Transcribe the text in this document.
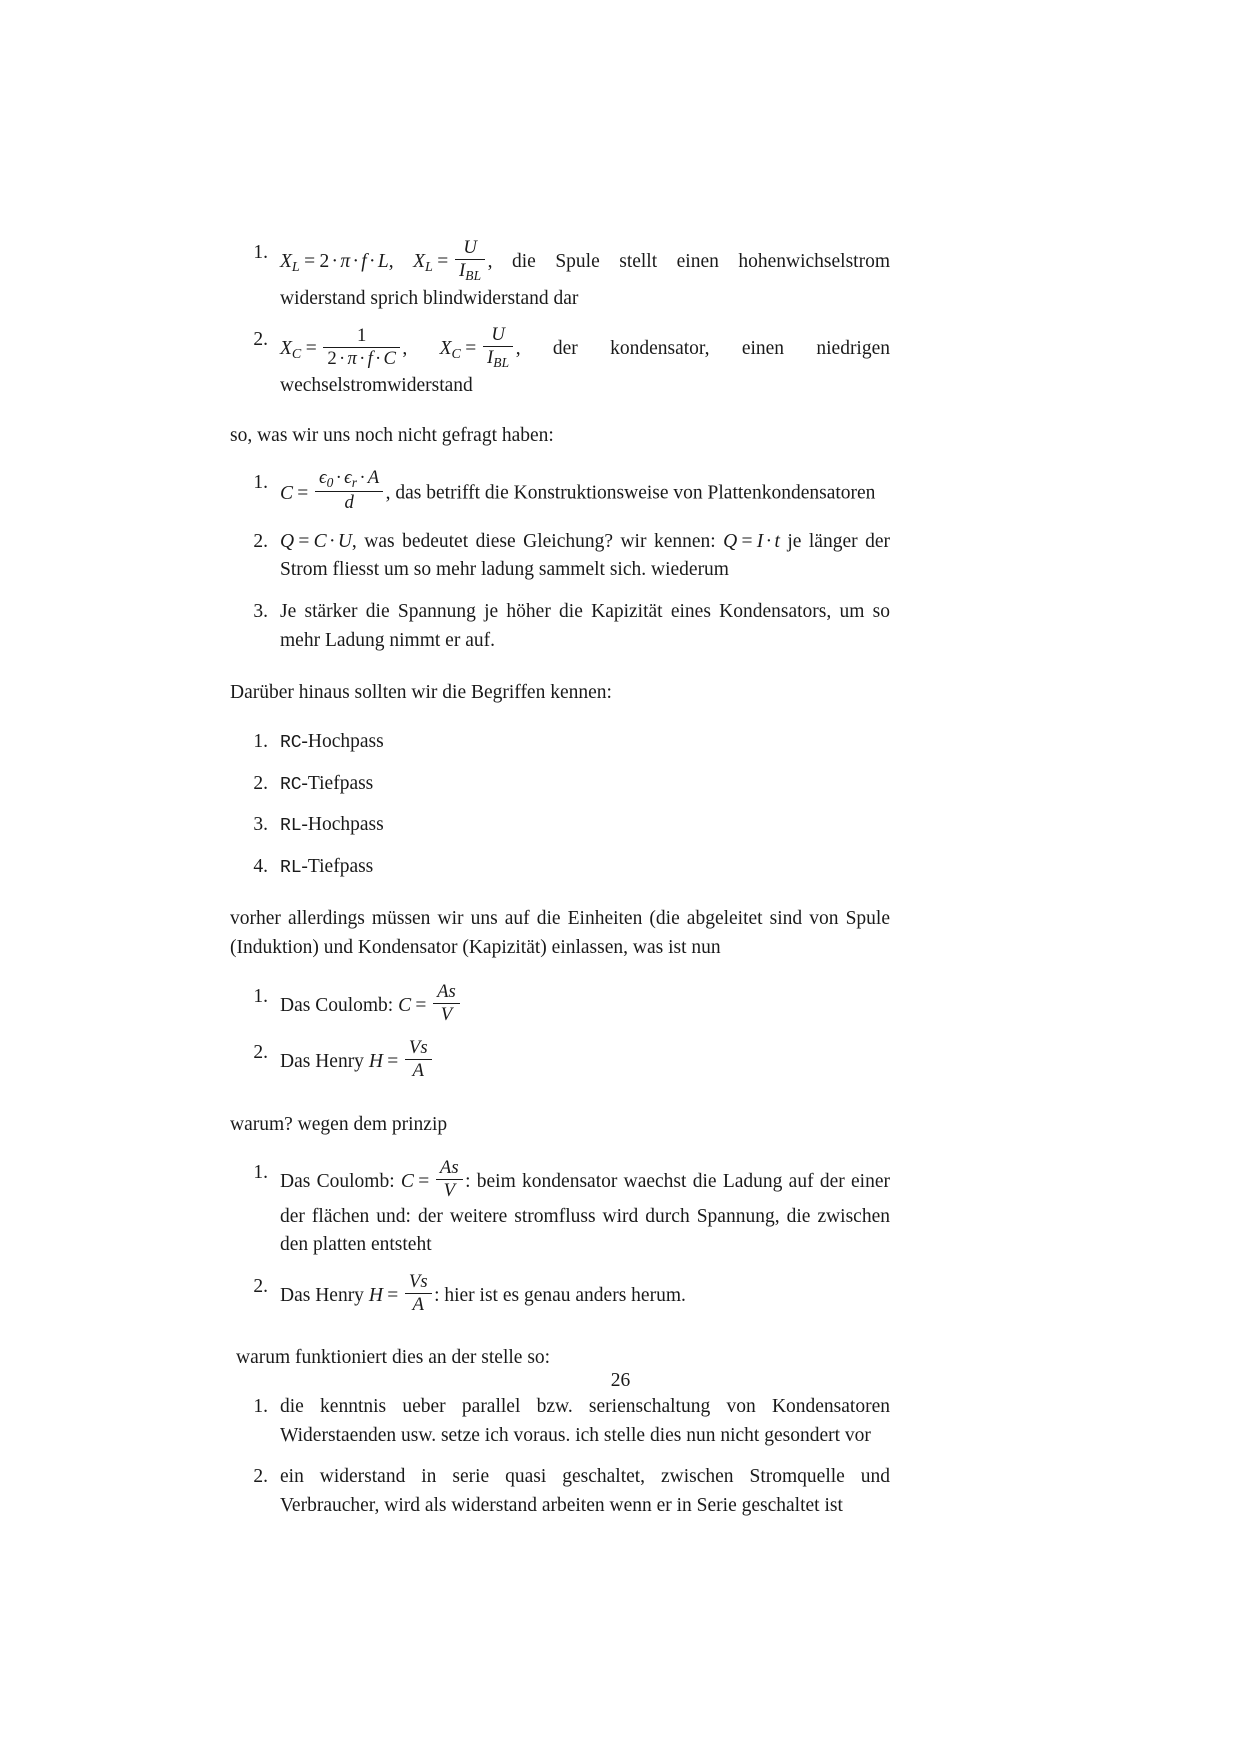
1. $X_L = 2 \cdot \pi \cdot f \cdot L$, $X_L = \frac{U}{I_{BL}}$ , die Spule stellt einen hohenwichselstrom widerstand sprich blindwiderstand dar
2. $X_C = \frac{1}{2 \cdot \pi \cdot f \cdot C}$ , $X_C = \frac{U}{I_{BL}}$ , der kondensator, einen niedrigen wechselstromwiderstand

so, was wir uns noch nicht gefragt haben:

1.
$C = \frac{\epsilon_0 \cdot \epsilon_r \cdot A}{d}$ , das betrifft die Konstruktionsweise von Plattenkondensatoren
2. Q = C · U, was bedeutet diese Gleichung? wir kennen: Q = I · t je länger der Strom fliesst um so mehr ladung sammelt sich. wiederum
3. Je stärker die Spannung je höher die Kapizität eines Kondensators, um so mehr Ladung nimmt er auf.

Darüber hinaus sollten wir die Begriffen kennen:

1. RC-Hochpass
2. RC-Tiefpass
3. RL-Hochpass
4. RL-Tiefpass

vorher allerdings müssen wir uns auf die Einheiten (die abgeleitet sind von Spule (Induktion) und Kondensator (Kapizität) einlassen, was ist nun

1. Das Coulomb: $C = \frac{As}{V}$
2. Das Henry $H = \frac{Vs}{A}$

warum? wegen dem prinzip

1. Das Coulomb: $C = \frac{As}{V}$ : beim kondensator waechst die Ladung auf der einer der flächen und: der weitere stromfluss wird durch Spannung, die zwischen den platten entsteht
2. Das Henry $H = \frac{Vs}{A}$ : hier ist es genau anders herum.

warum funktioniert dies an der stelle so:

1. die kenntnis ueber parallel bzw. serienschaltung von Kondensatoren Widerstaenden usw. setze ich voraus. ich stelle dies nun nicht gesondert vor
2. ein widerstand in serie quasi geschaltet, zwischen Stromquelle und Verbraucher, wird als widerstand arbeiten wenn er in Serie geschaltet ist
26
